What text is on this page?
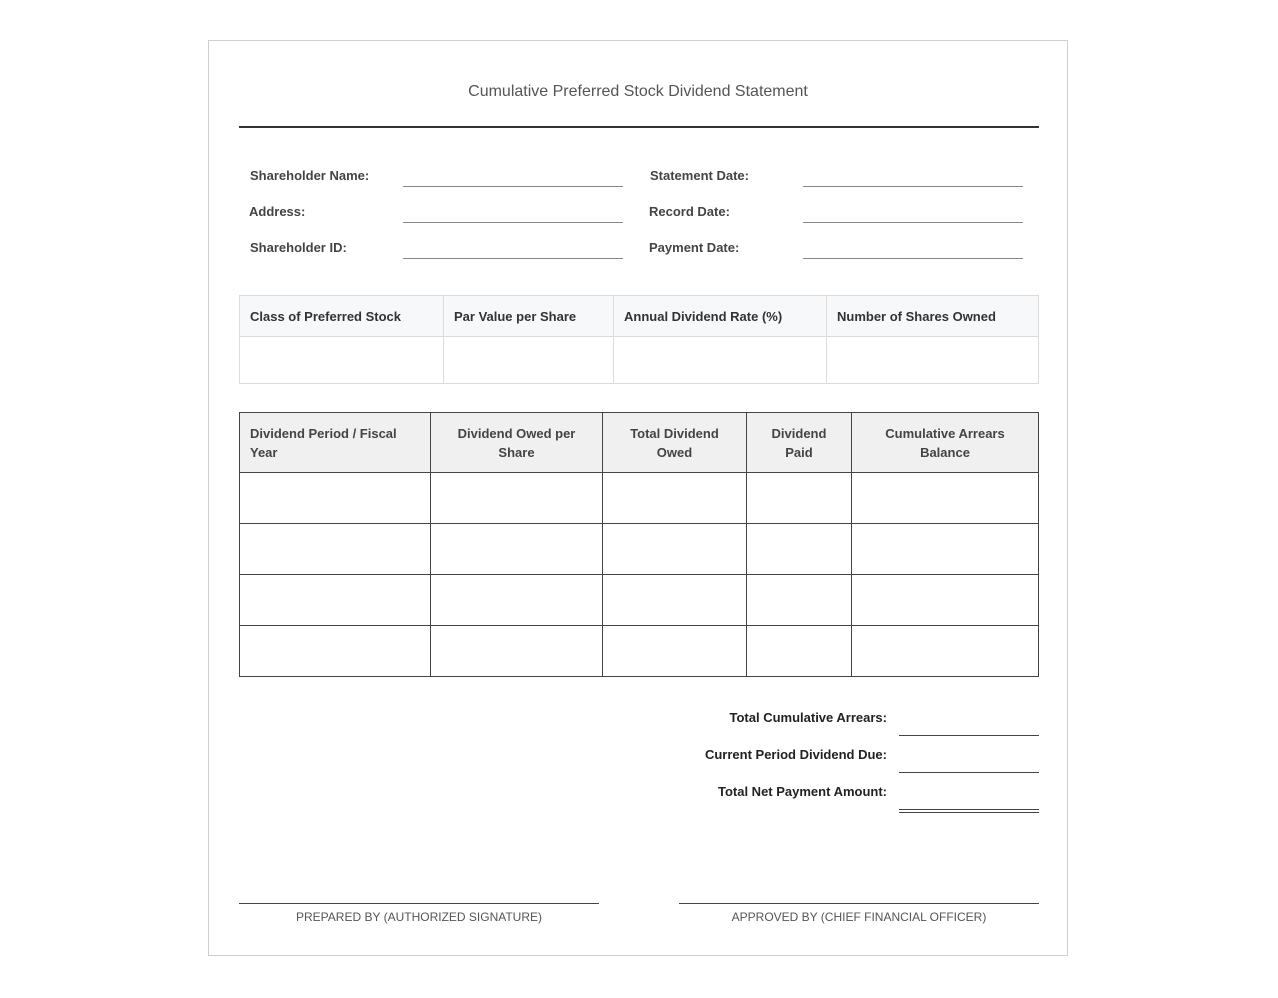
Cumulative Preferred Stock Dividend Statement
Shareholder Name:
Address:
Shareholder ID:
Statement Date:
Record Date:
Payment Date:
Class of Preferred Stock	Par Value per Share	Annual Dividend Rate (%)	Number of Shares Owned

Dividend Period / Fiscal Year	Dividend Owed per Share	Total Dividend Owed	Dividend Paid	Cumulative Arrears Balance

Total Cumulative Arrears:
Current Period Dividend Due:
Total Net Payment Amount:
PREPARED BY (AUTHORIZED SIGNATURE)	APPROVED BY (CHIEF FINANCIAL OFFICER)
